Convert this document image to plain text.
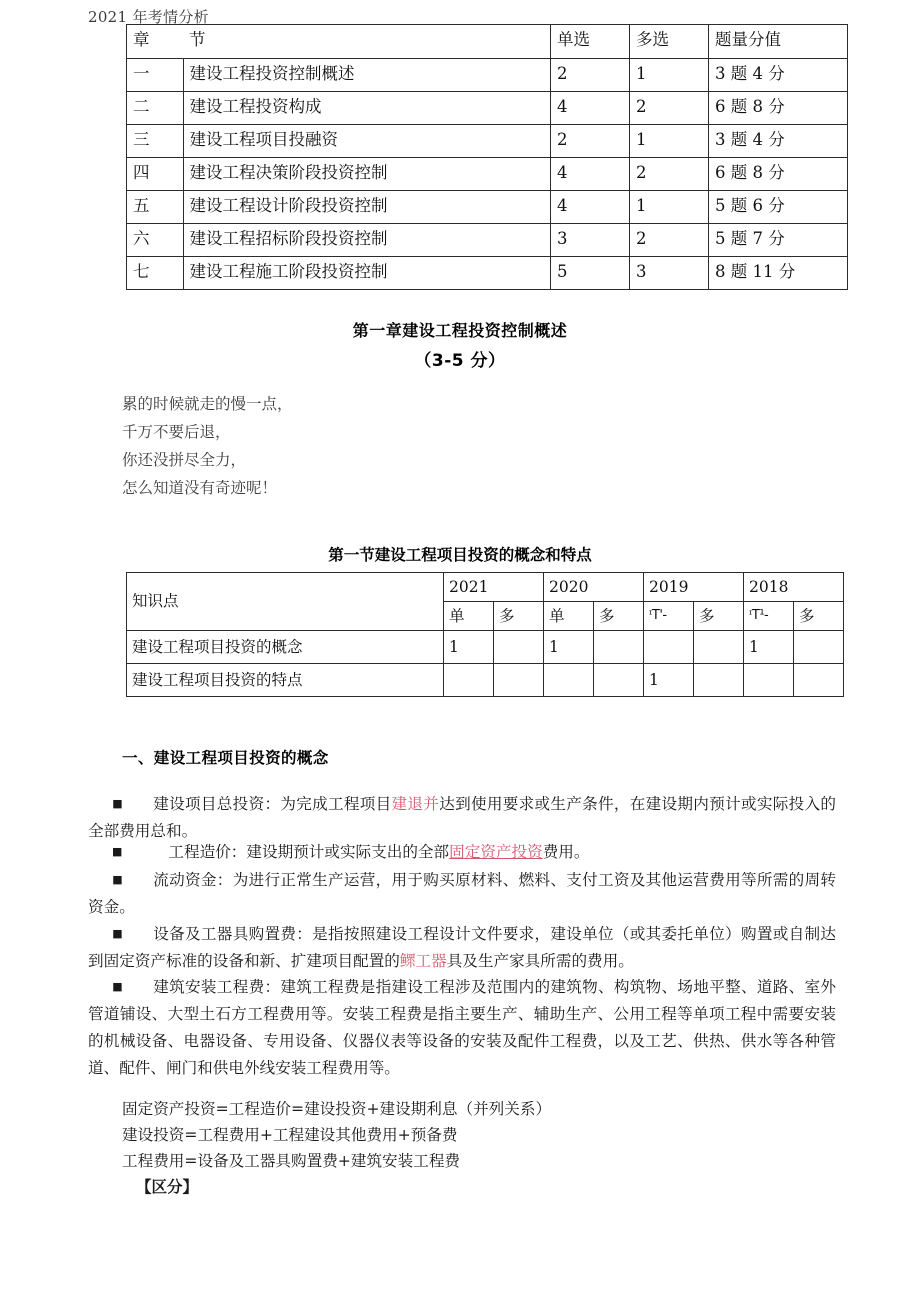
2021 年考情分析
章	节	单选	多选	题量分值
一	建设工程投资控制概述	2	1	3 题 4 分
二	建设工程投资构成	4	2	6 题 8 分
三	建设工程项目投融资	2	1	3 题 4 分
四	建设工程决策阶段投资控制	4	2	6 题 8 分
五	建设工程设计阶段投资控制	4	1	5 题 6 分
六	建设工程招标阶段投资控制	3	2	5 题 7 分
七	建设工程施工阶段投资控制	5	3	8 题 11 分
第一章建设工程投资控制概述
（3-5 分）
累的时候就走的慢一点，
千万不要后退，
你还没拼尽全力，
怎么知道没有奇迹呢！
第一节建设工程项目投资的概念和特点
知识点	2021		2020		2019		2018	
	单	多	单	多	ᶦT'-	多	ᶦT¹-	多
建设工程项目投资的概念	1		1				1	
建设工程项目投资的特点					1			
一、建设工程项目投资的概念

■ 建设项目总投资：为完成工程项目建退并达到使用要求或生产条件，在建设期内预计或实际投入的全部费用总和。

■	工程造价：建设期预计或实际支出的全部固定资产投资费用。

■ 流动资金：为进行正常生产运营，用于购买原材料、燃料、支付工资及其他运营费用等所需的周转资金。

■ 设备及工器具购置费：是指按照建设工程设计文件要求，建设单位（或其委托单位）购置或自制达到固定资产标准的设备和新、扩建项目配置的鳏工器具及生产家具所需的费用。

■ 建筑安装工程费：建筑工程费是指建设工程涉及范围内的建筑物、构筑物、场地平整、道路、室外管道铺设、大型土石方工程费用等。安装工程费是指主要生产、辅助生产、公用工程等单项工程中需要安装的机械设备、电器设备、专用设备、仪器仪表等设备的安装及配件工程费，以及工艺、供热、供水等各种管道、配件、闸门和供电外线安装工程费用等。

固定资产投资=工程造价=建设投资+建设期利息（并列关系）
建设投资=工程费用+工程建设其他费用+预备费
工程费用=设备及工器具购置费+建筑安装工程费
【区分】
